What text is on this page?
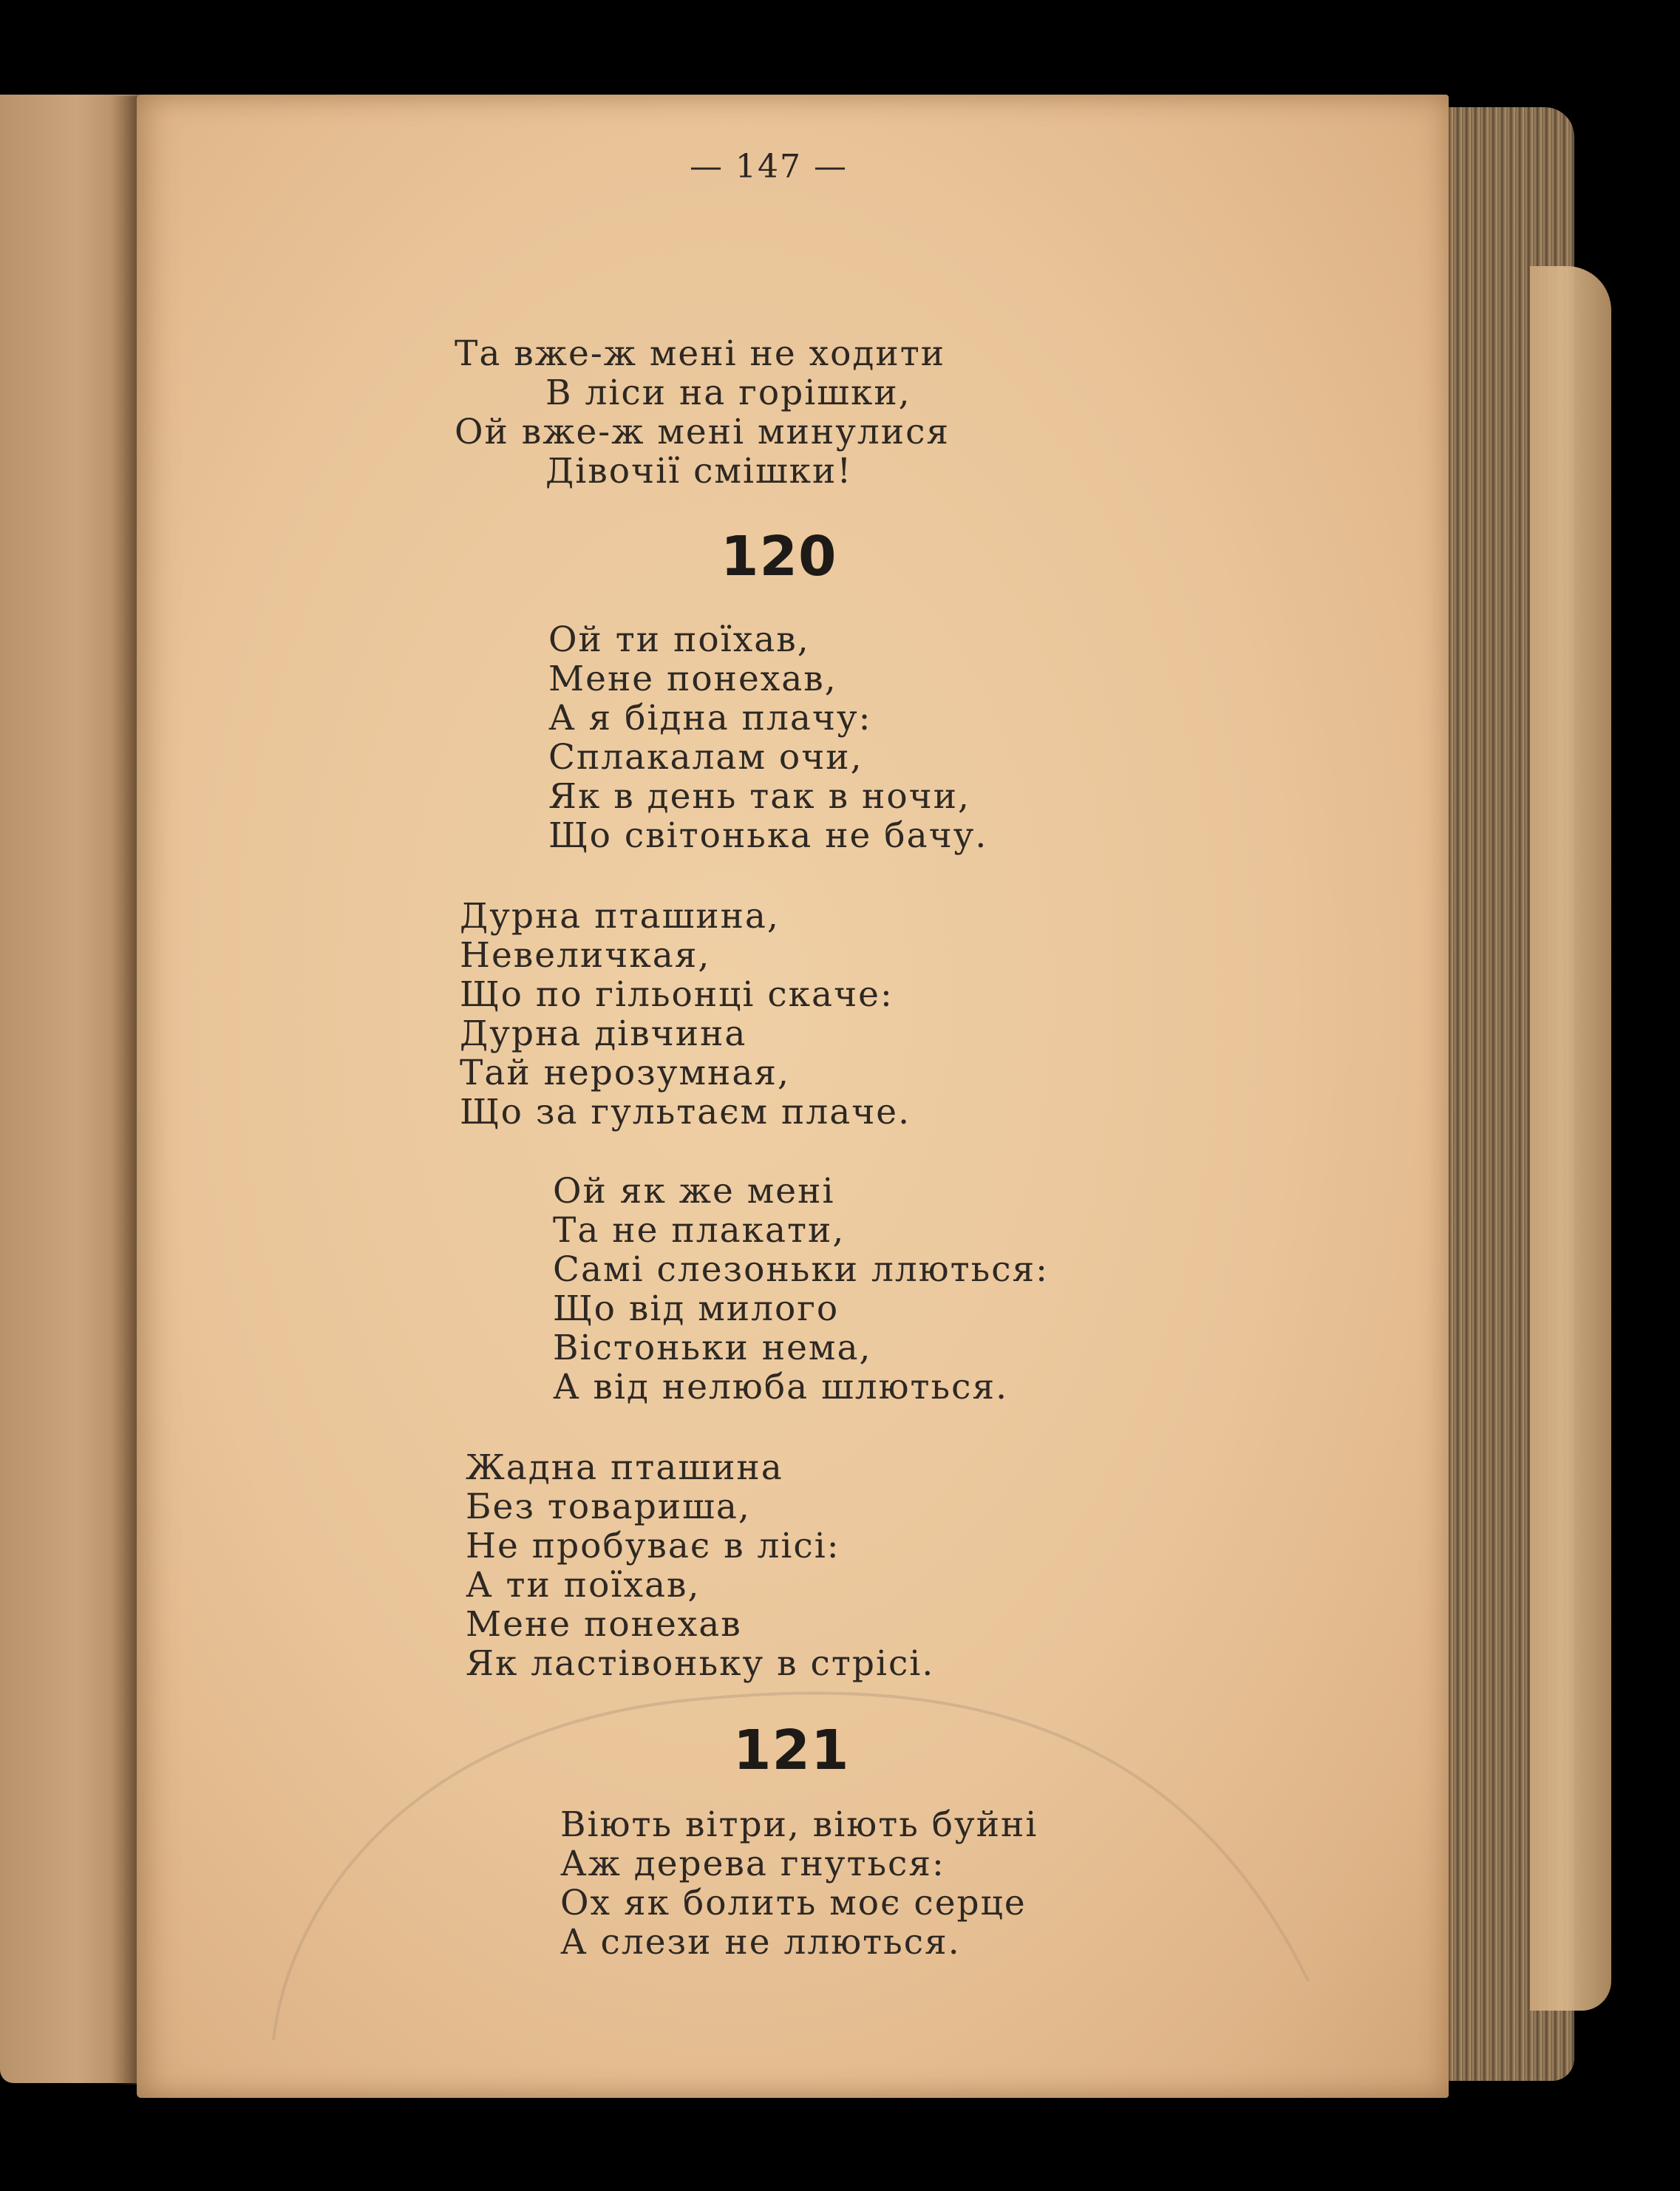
— 147 —
Та вже-ж мені не ходити
В ліси на горішки,
Ой вже-ж мені минулися
Дівочії смішки!
120
Ой ти поїхав,
Мене понехав,
А я бідна плачу:
Сплакалам очи,
Як в день так в ночи,
Що світонька не бачу.
Дурна пташина,
Невеличкая,
Що по гільонці скаче:
Дурна дівчина
Тай нерозумная,
Що за гультаєм плаче.
Ой як же мені
Та не плакати,
Самі слезоньки ллються:
Що від милого
Вістоньки нема,
А від нелюба шлються.
Жадна пташина
Без товариша,
Не пробуває в лісі:
А ти поїхав,
Мене понехав
Як ластівоньку в стрісі.
121
Віють вітри, віють буйні
Аж дерева гнуться:
Ох як болить моє серце
А слези не ллються.
